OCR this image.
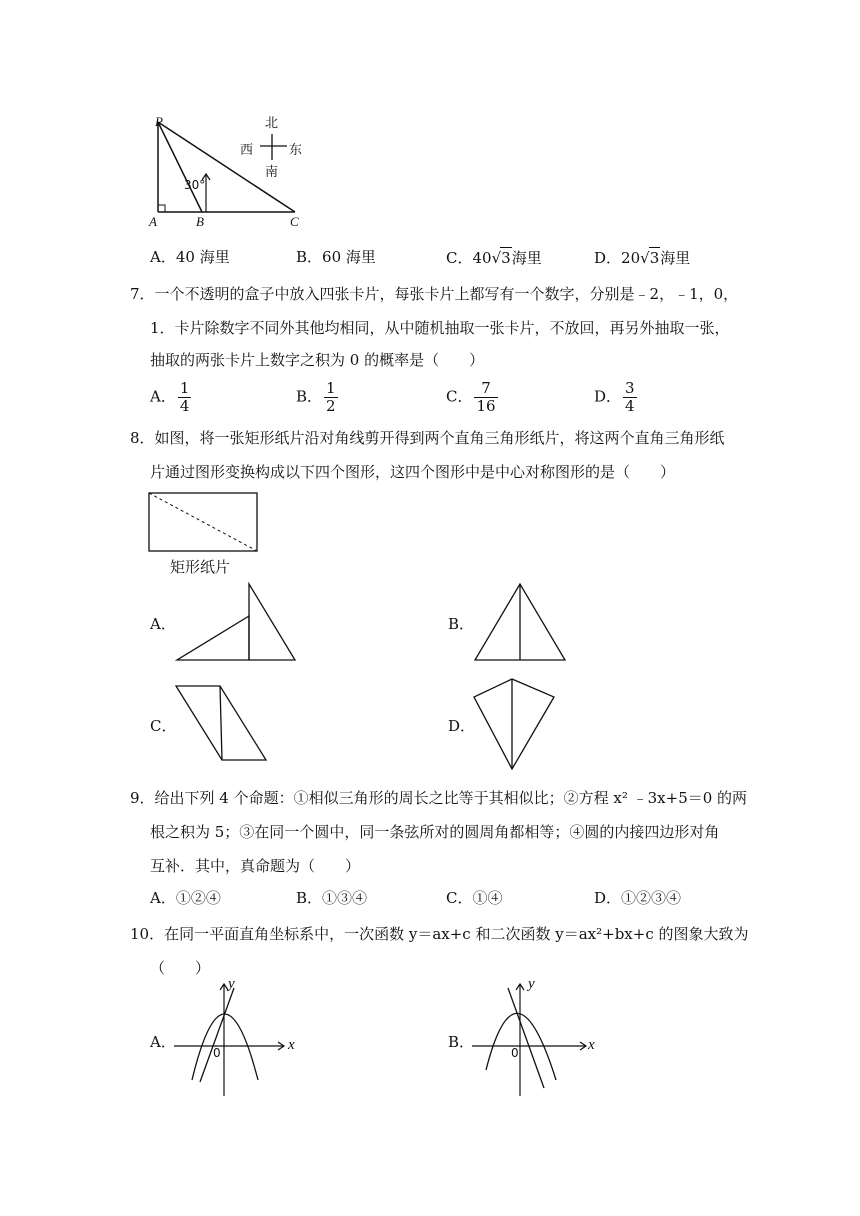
P
A	B	C
30°
北
西	东
南
A．40 海里	B．60 海里	C．40√3海里	D．20√3海里
7．一个不透明的盒子中放入四张卡片，每张卡片上都写有一个数字，分别是﹣2，﹣1，0，
1．卡片除数字不同外其他均相同，从中随机抽取一张卡片，不放回，再另外抽取一张，
抽取的两张卡片上数字之积为 0 的概率是（　　）
A． $\frac{1}{4}$	B． $\frac{1}{2}$	C． $\frac{7}{16}$	D． $\frac{3}{4}$
8．如图，将一张矩形纸片沿对角线剪开得到两个直角三角形纸片，将这两个直角三角形纸
片通过图形变换构成以下四个图形，这四个图形中是中心对称图形的是（　　）
矩形纸片
A．	B．
C．	D．
9．给出下列 4 个命题：①相似三角形的周长之比等于其相似比；②方程 x² ﹣3x+5＝0 的两
根之积为 5；③在同一个圆中，同一条弦所对的圆周角都相等；④圆的内接四边形对角
互补．其中，真命题为（　　）
A．①②④	B．①③④	C．①④	D．①②③④
10．在同一平面直角坐标系中，一次函数 y＝ax+c 和二次函数 y＝ax²+bx+c 的图象大致为
（　　）
A．	x
y
0
B．	x
y
0
